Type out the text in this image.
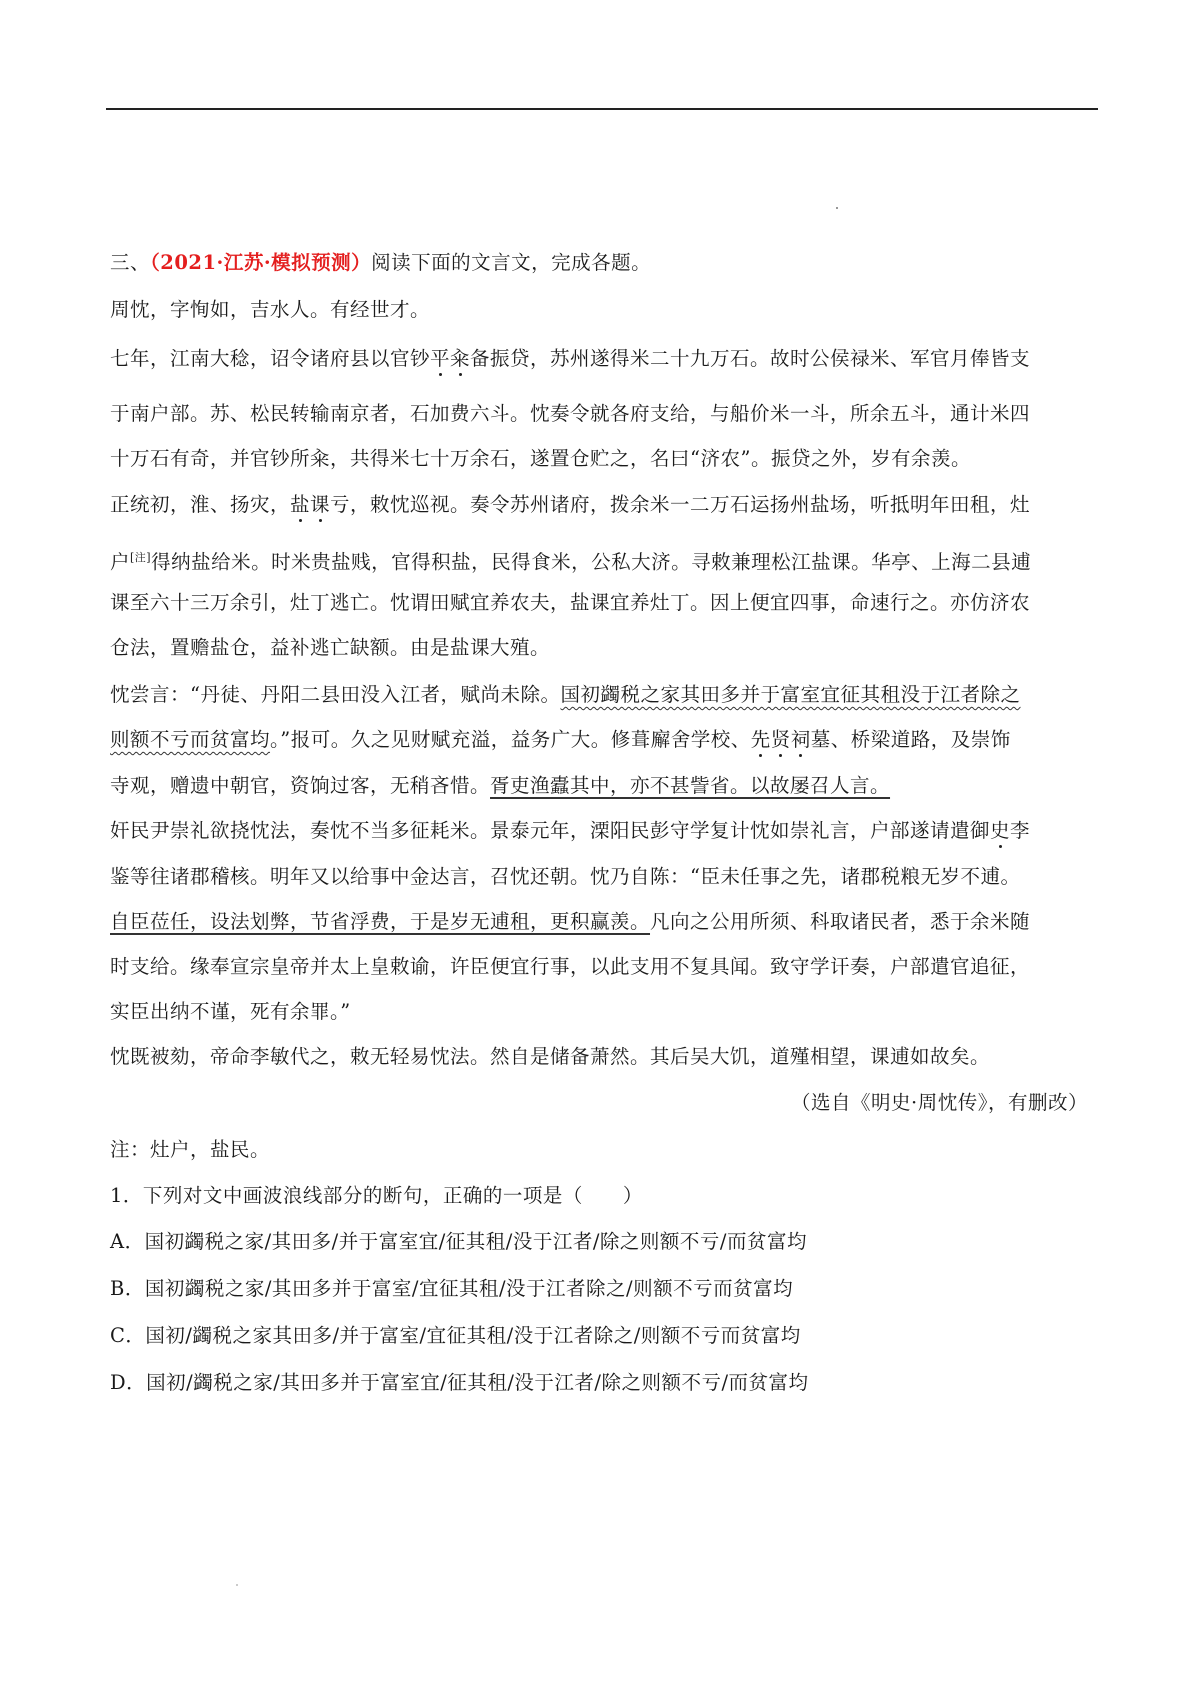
三、（2021·江苏·模拟预测）阅读下面的文言文，完成各题。
周忱，字恂如，吉水人。有经世才。
七年，江南大稔，诏令诸府县以官钞平籴备振贷，苏州遂得米二十九万石。故时公侯禄米、军官月俸皆支
于南户部。苏、松民转输南京者，石加费六斗。忱奏令就各府支给，与船价米一斗，所余五斗，通计米四
十万石有奇，并官钞所籴，共得米七十万余石，遂置仓贮之，名曰“济农”。振贷之外，岁有余羡。
正统初，淮、扬灾，盐课亏，敕忱巡视。奏令苏州诸府，拨余米一二万石运扬州盐场，听抵明年田租，灶
户[注]得纳盐给米。时米贵盐贱，官得积盐，民得食米，公私大济。寻敕兼理松江盐课。华亭、上海二县逋
课至六十三万余引，灶丁逃亡。忱谓田赋宜养农夫，盐课宜养灶丁。因上便宜四事，命速行之。亦仿济农
仓法，置赡盐仓，益补逃亡缺额。由是盐课大殖。
忱尝言：“丹徒、丹阳二县田没入江者，赋尚未除。国初蠲税之家其田多并于富室宜征其租没于江者除之
则额不亏而贫富均。”报可。久之见财赋充溢，益务广大。修葺廨舍学校、先贤祠墓、桥梁道路，及崇饰
寺观，赠遗中朝官，资饷过客，无稍吝惜。胥吏渔蠹其中，亦不甚訾省。以故屡召人言。
奸民尹崇礼欲挠忱法，奏忱不当多征耗米。景泰元年，溧阳民彭守学复计忱如崇礼言，户部遂请遣御史李
鉴等往诸郡稽核。明年又以给事中金达言，召忱还朝。忱乃自陈：“臣未任事之先，诸郡税粮无岁不逋。
自臣莅任，设法划弊，节省浮费，于是岁无逋租，更积赢羡。凡向之公用所须、科取诸民者，悉于余米随
时支给。缘奉宣宗皇帝并太上皇敕谕，许臣便宜行事，以此支用不复具闻。致守学讦奏，户部遣官追征，
实臣出纳不谨，死有余罪。”
忱既被劾，帝命李敏代之，敕无轻易忱法。然自是储备萧然。其后吴大饥，道殣相望，课逋如故矣。
（选自《明史·周忱传》，有删改）
注：灶户，盐民。
1．下列对文中画波浪线部分的断句，正确的一项是（　　）
A．国初蠲税之家/其田多/并于富室宜/征其租/没于江者/除之则额不亏/而贫富均
B．国初蠲税之家/其田多并于富室/宜征其租/没于江者除之/则额不亏而贫富均
C．国初/蠲税之家其田多/并于富室/宜征其租/没于江者除之/则额不亏而贫富均
D．国初/蠲税之家/其田多并于富室宜/征其租/没于江者/除之则额不亏/而贫富均
